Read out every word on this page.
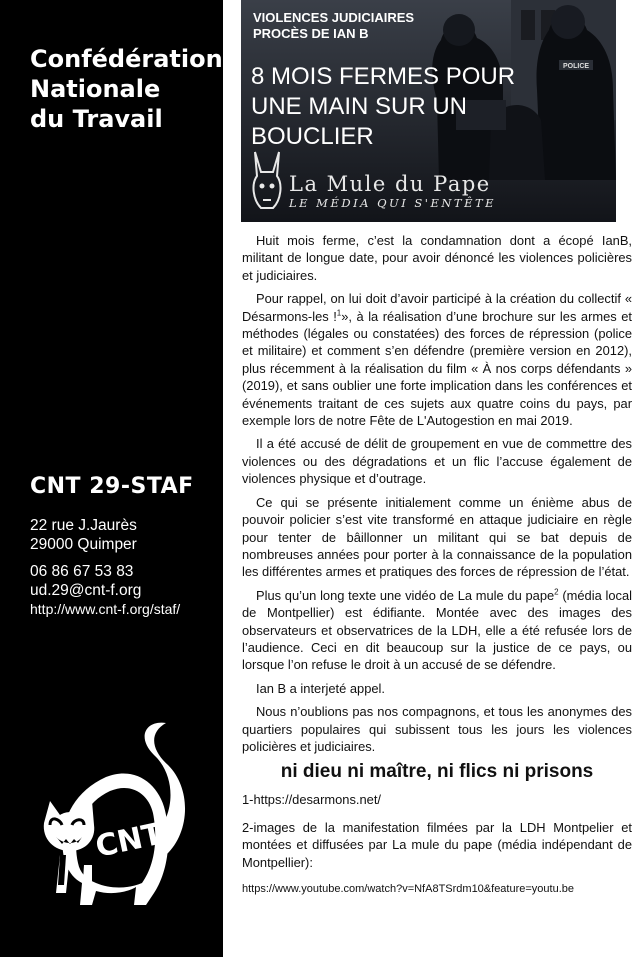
Confédération
Nationale
du Travail
CNT 29-STAF
22 rue J.Jaurès
29000 Quimper
06 86 67 53 83
ud.29@cnt-f.org
http://www.cnt-f.org/staf/
CNT
POLICE
VIOLENCES JUDICIAIRES
PROCÈS DE IAN B
8 MOIS FERMES POUR
UNE MAIN SUR UN
BOUCLIER
La Mule du Pape
LE MÉDIA QUI S'ENTÊTE

Huit mois ferme, c’est la condamnation dont a écopé IanB, militant de longue date, pour avoir dénoncé les violences policières et judiciaires.

Pour rappel, on lui doit d’avoir participé à la création du collectif « Désarmons-les !$^1$», à la réalisation d’une brochure sur les armes et méthodes (légales ou constatées) des forces de répression (police et militaire) et comment s’en défendre (première version en 2012), plus récemment à la réalisation du film « À nos corps défendants » (2019), et sans oublier une forte implication dans les conférences et événements traitant de ces sujets aux quatre coins du pays, par exemple lors de notre Fête de L'Autogestion en mai 2019.

Il a été accusé de délit de groupement en vue de commettre des violences ou des dégradations et un flic l’accuse également de violences physique et d’outrage.

Ce qui se présente initialement comme un énième abus de pouvoir policier s’est vite transformé en attaque judiciaire en règle pour tenter de bâillonner un militant qui se bat depuis de nombreuses années pour porter à la connaissance de la population les différentes armes et pratiques des forces de répression de l’état.

Plus qu’un long texte une vidéo de La mule du pape$^2$ (média local de Montpellier) est édifiante. Montée avec des images des observateurs et observatrices de la LDH, elle a été refusée lors de l’audience. Ceci en dit beaucoup sur la justice de ce pays, ou lorsque l’on refuse le droit à un accusé de se défendre.

Ian B a interjeté appel.

Nous n’oublions pas nos compagnons, et tous les anonymes des quartiers populaires qui subissent tous les jours les violences policières et judiciaires.

ni dieu ni maître, ni flics ni prisons

1-https://desarmons.net/

2-images de la manifestation filmées par la LDH Montpelier et montées et diffusées par La mule du pape (média indépendant de Montpellier):

https://www.youtube.com/watch?v=NfA8TSrdm10&feature=youtu.be
